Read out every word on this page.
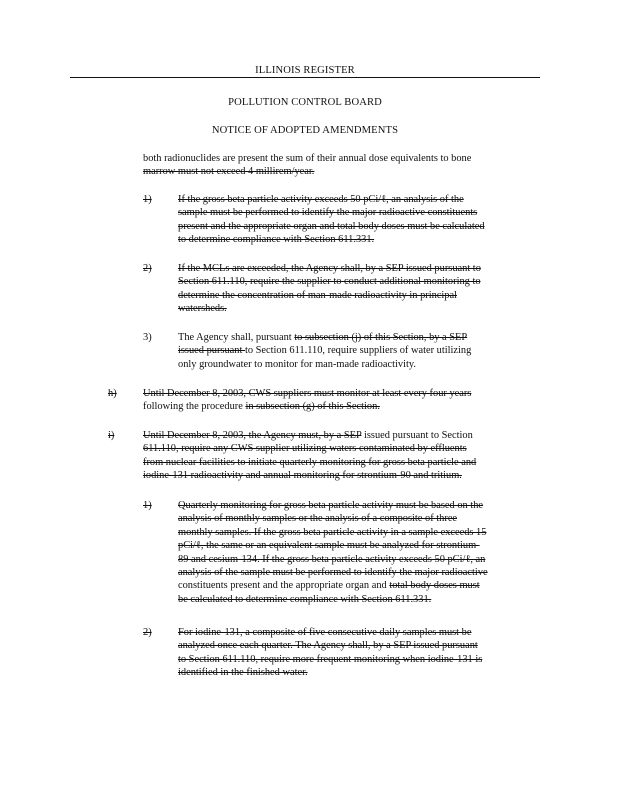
ILLINOIS REGISTER
POLLUTION CONTROL BOARD
NOTICE OF ADOPTED AMENDMENTS
both radionuclides are present the sum of their annual dose equivalents to bone
marrow must not exceed 4 millirem/year.
1)	If the gross beta particle activity exceeds 50 pCi/ℓ, an analysis of the
sample must be performed to identify the major radioactive constituents
present and the appropriate organ and total body doses must be calculated
to determine compliance with Section 611.331.
2)	If the MCLs are exceeded, the Agency shall, by a SEP issued pursuant to
Section 611.110, require the supplier to conduct additional monitoring to
determine the concentration of man-made radioactivity in principal
watersheds.
3)	The Agency shall, pursuant to subsection (j) of this Section, by a SEP
issued pursuant to Section 611.110, require suppliers of water utilizing
only groundwater to monitor for man-made radioactivity.
h)	Until December 8, 2003, CWS suppliers must monitor at least every four years
following the procedure in subsection (g) of this Section.
i)	Until December 8, 2003, the Agency must, by a SEP issued pursuant to Section
611.110, require any CWS supplier utilizing waters contaminated by effluents
from nuclear facilities to initiate quarterly monitoring for gross beta particle and
iodine-131 radioactivity and annual monitoring for strontium-90 and tritium.
1)	Quarterly monitoring for gross beta particle activity must be based on the
analysis of monthly samples or the analysis of a composite of three
monthly samples. If the gross beta particle activity in a sample exceeds 15
pCi/ℓ, the same or an equivalent sample must be analyzed for strontium-
89 and cesium-134. If the gross beta particle activity exceeds 50 pCi/ℓ, an
analysis of the sample must be performed to identify the major radioactive
constituents present and the appropriate organ and total body doses must
be calculated to determine compliance with Section 611.331.
2)	For iodine-131, a composite of five consecutive daily samples must be
analyzed once each quarter. The Agency shall, by a SEP issued pursuant
to Section 611.110, require more frequent monitoring when iodine-131 is
identified in the finished water.
